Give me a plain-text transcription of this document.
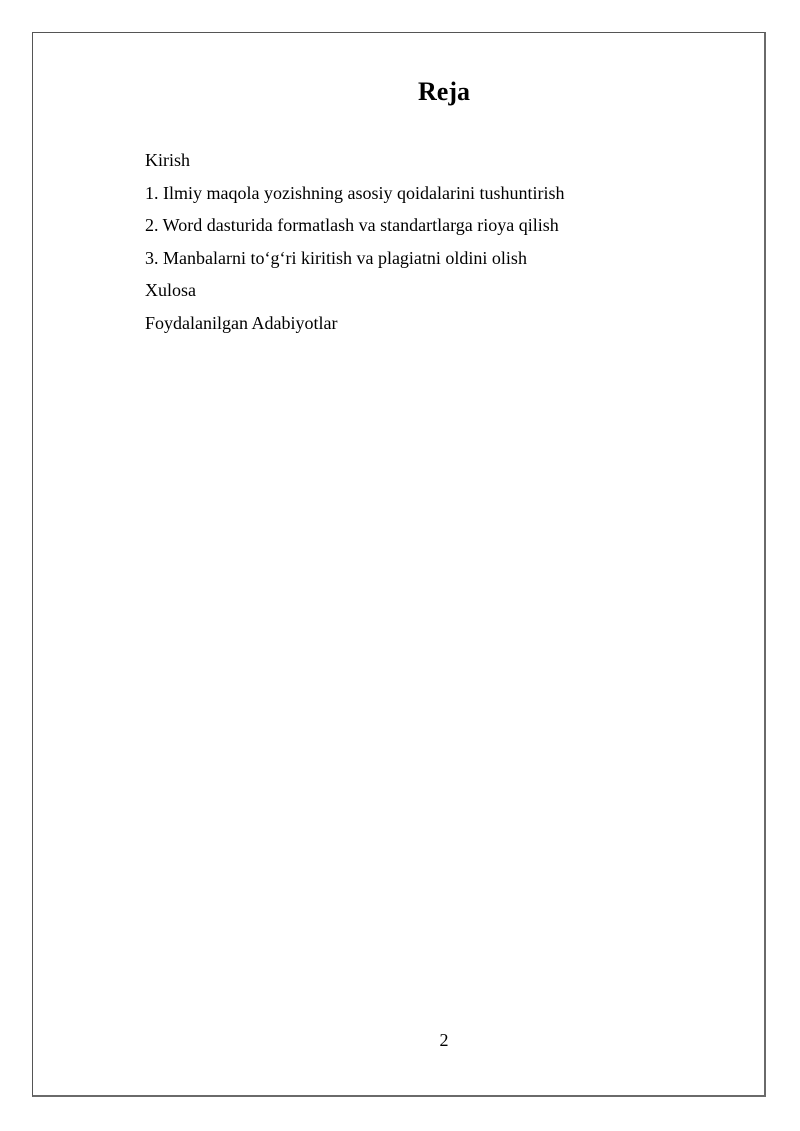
Reja
Kirish
1. Ilmiy maqola yozishning asosiy qoidalarini tushuntirish
2. Word dasturida formatlash va standartlarga rioya qilish
3. Manbalarni to‘g‘ri kiritish va plagiatni oldini olish
Xulosa
Foydalanilgan Adabiyotlar
2
